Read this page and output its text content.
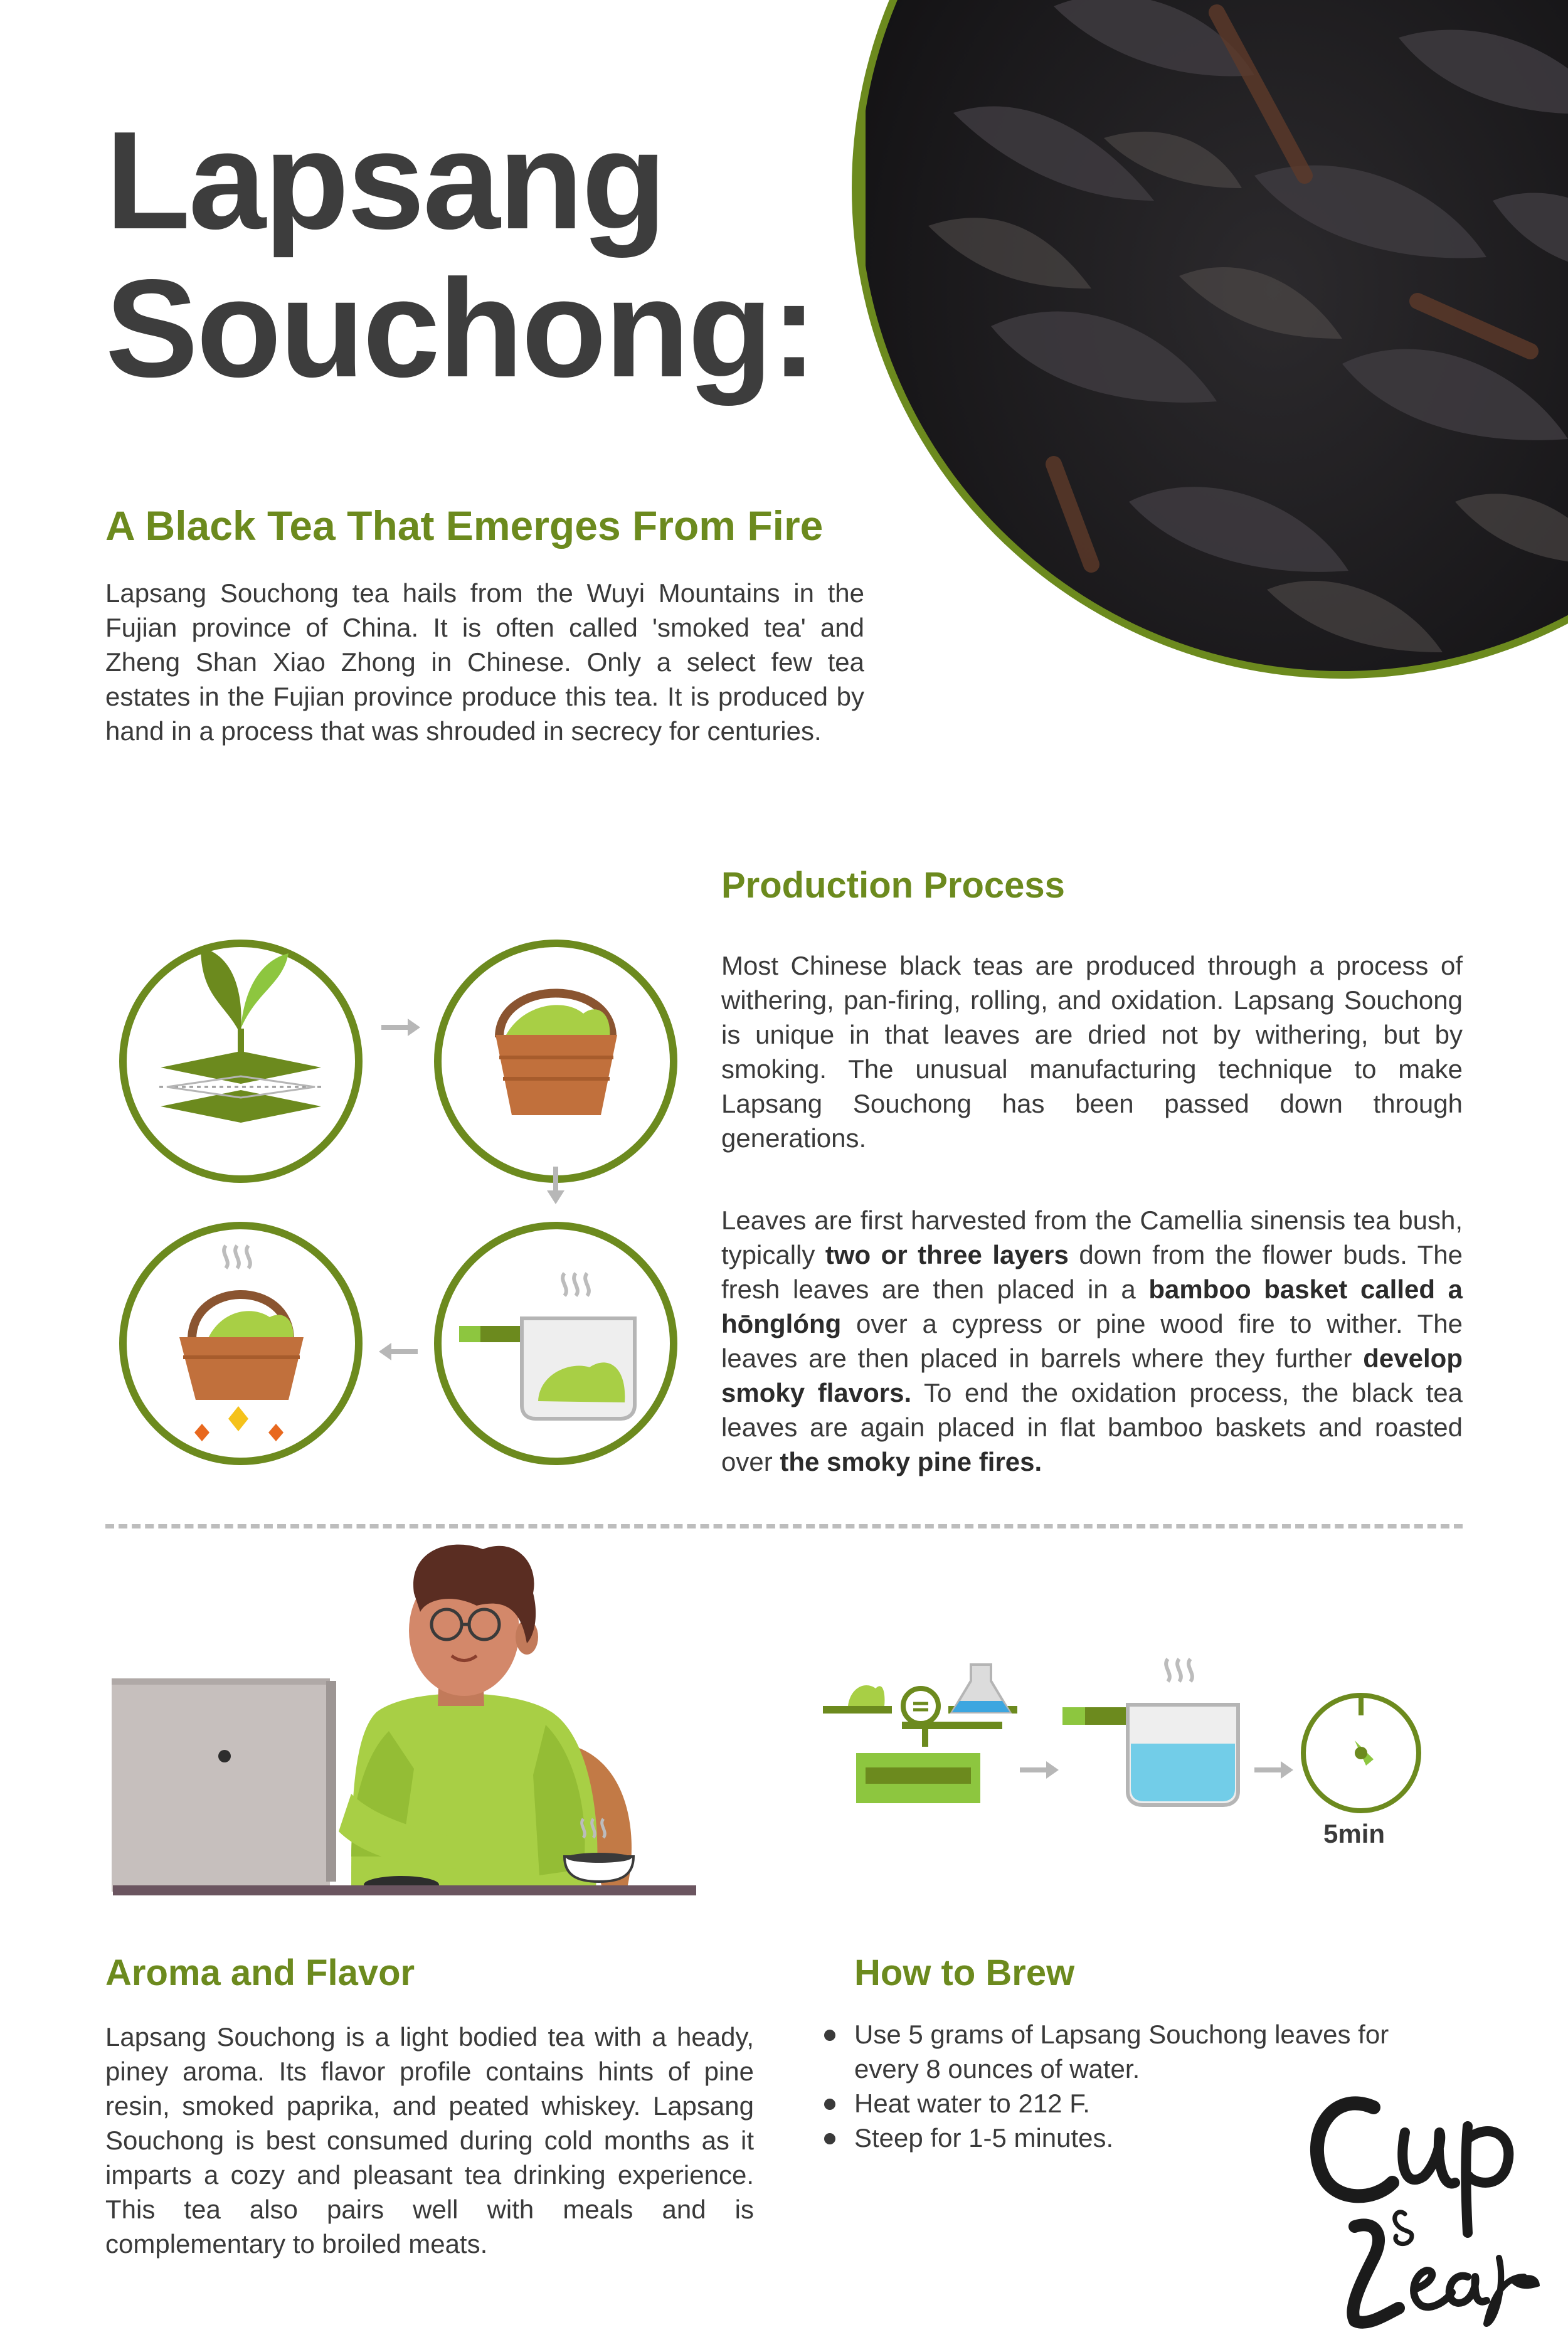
Lapsang Souchong:
A Black Tea That Emerges From Fire

Lapsang Souchong tea hails from the Wuyi Mountains in the Fujian province of China. It is often called 'smoked tea' and Zheng Shan Xiao Zhong in Chinese. Only a select few tea estates in the Fujian province produce this tea. It is produced by hand in a process that was shrouded in secrecy for centuries.

Production Process

Most Chinese black teas are produced through a process of withering, pan-firing, rolling, and oxidation. Lapsang Souchong is unique in that leaves are dried not by withering, but by smoking. The unusual manufacturing technique to make Lapsang Souchong has been passed down through generations.

Leaves are first harvested from the Camellia sinensis tea bush, typically two or three layers down from the flower buds. The fresh leaves are then placed in a bamboo basket called a hōnglóng over a cypress or pine wood fire to wither. The leaves are then placed in barrels where they further develop smoky flavors. To end the oxidation process, the black tea leaves are again placed in flat bamboo baskets and roasted over the smoky pine fires.

5min
Aroma and Flavor

Lapsang Souchong is a light bodied tea with a heady, piney aroma. Its flavor profile contains hints of pine resin, smoked paprika, and peated whiskey. Lapsang Souchong is best consumed during cold months as it imparts a cozy and pleasant tea drinking experience. This tea also pairs well with meals and is complementary to broiled meats.

How to Brew
Use 5 grams of Lapsang Souchong leaves for every 8 ounces of water.
Heat water to 212 F.
Steep for 1-5 minutes.
